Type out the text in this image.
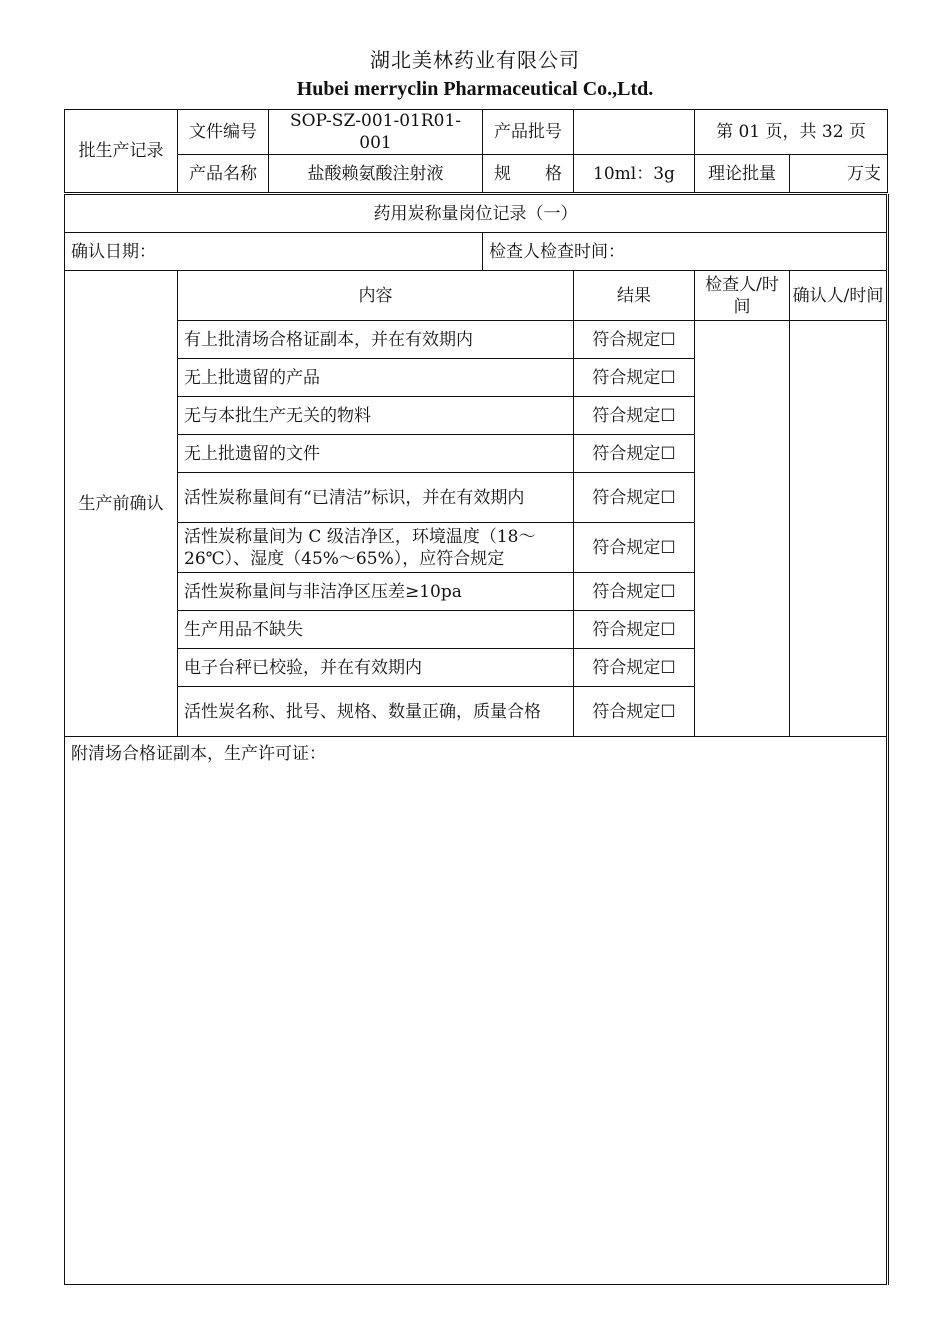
湖北美林药业有限公司
Hubei merryclin Pharmaceutical Co.,Ltd.
批生产记录	文件编号	SOP-SZ-001-01R01-001	产品批号		第 01 页，共 32 页	
	产品名称	盐酸赖氨酸注射液	规　　格	10ml：3g	理论批量	万支
药用炭称量岗位记录（一）					
确认日期：		检查人检查时间：			
生产前确认	内容		结果	检查人/时间	确认人/时间
	有上批清场合格证副本，并在有效期内		符合规定☐		
	无上批遗留的产品		符合规定☐		
	无与本批生产无关的物料		符合规定☐		
	无上批遗留的文件		符合规定☐		
	活性炭称量间有“已清洁”标识，并在有效期内		符合规定☐		
	活性炭称量间为 C 级洁净区，环境温度（18～26℃）、湿度（45%～65%），应符合规定		符合规定☐		
	活性炭称量间与非洁净区压差≥10pa		符合规定☐		
	生产用品不缺失		符合规定☐		
	电子台秤已校验，并在有效期内		符合规定☐		
	活性炭名称、批号、规格、数量正确，质量合格		符合规定☐		
附清场合格证副本，生产许可证：					
